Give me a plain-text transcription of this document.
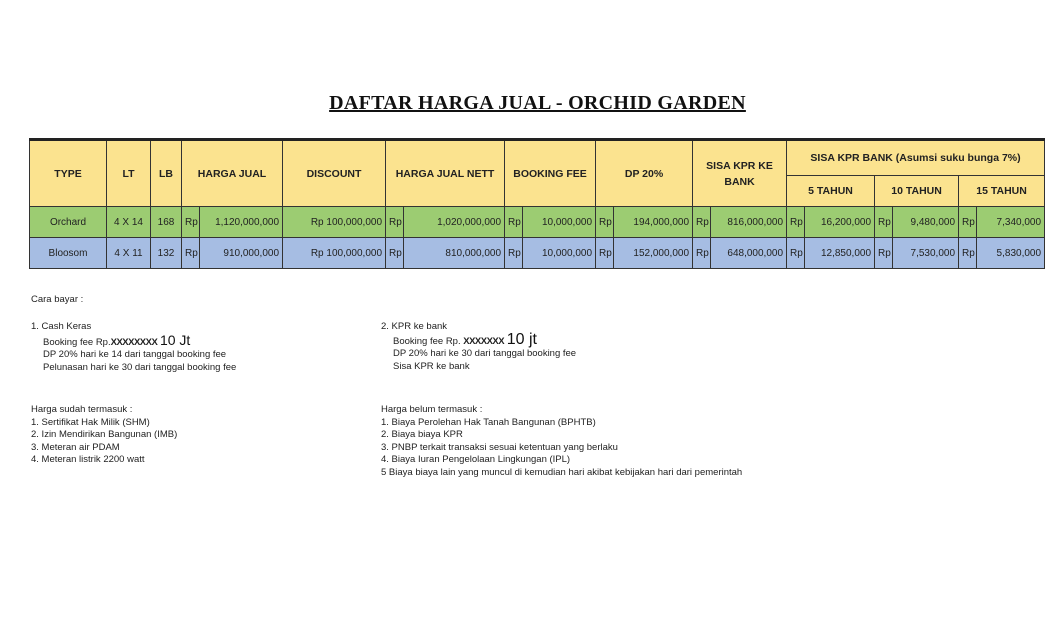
DAFTAR HARGA JUAL - ORCHID GARDEN
TYPE	LT	LB	HARGA JUAL		DISCOUNT	HARGA JUAL NETT		BOOKING FEE		DP 20%		SISA KPR KE BANK		SISA KPR BANK (Asumsi suku bunga 7%)					
														5 TAHUN		10 TAHUN		15 TAHUN	
Orchard	4 X 14	168	Rp	1,120,000,000	Rp 100,000,000	Rp	1,020,000,000	Rp	10,000,000	Rp	194,000,000	Rp	816,000,000	Rp	16,200,000	Rp	9,480,000	Rp	7,340,000
Bloosom	4 X 11	132	Rp	910,000,000	Rp 100,000,000	Rp	810,000,000	Rp	10,000,000	Rp	152,000,000	Rp	648,000,000	Rp	12,850,000	Rp	7,530,000	Rp	5,830,000
Cara bayar :
1. Cash Keras
Booking fee Rp.XXXXXXXX 10 Jt
DP 20% hari ke 14 dari tanggal booking fee
Pelunasan hari ke 30 dari tanggal booking fee
2. KPR ke bank
Booking fee Rp. XXXXXXX 10 jt
DP 20% hari ke 30 dari tanggal booking fee
Sisa KPR ke bank
Harga sudah termasuk :
1. Sertifikat Hak Milik (SHM)
2. Izin Mendirikan Bangunan (IMB)
3. Meteran air PDAM
4. Meteran listrik 2200 watt
Harga belum termasuk :
1. Biaya Perolehan Hak Tanah Bangunan (BPHTB)
2. Biaya biaya KPR
3. PNBP terkait transaksi sesuai ketentuan yang berlaku
4. Biaya Iuran Pengelolaan Lingkungan (IPL)
5 Biaya biaya lain yang muncul di kemudian hari akibat kebijakan hari dari pemerintah
